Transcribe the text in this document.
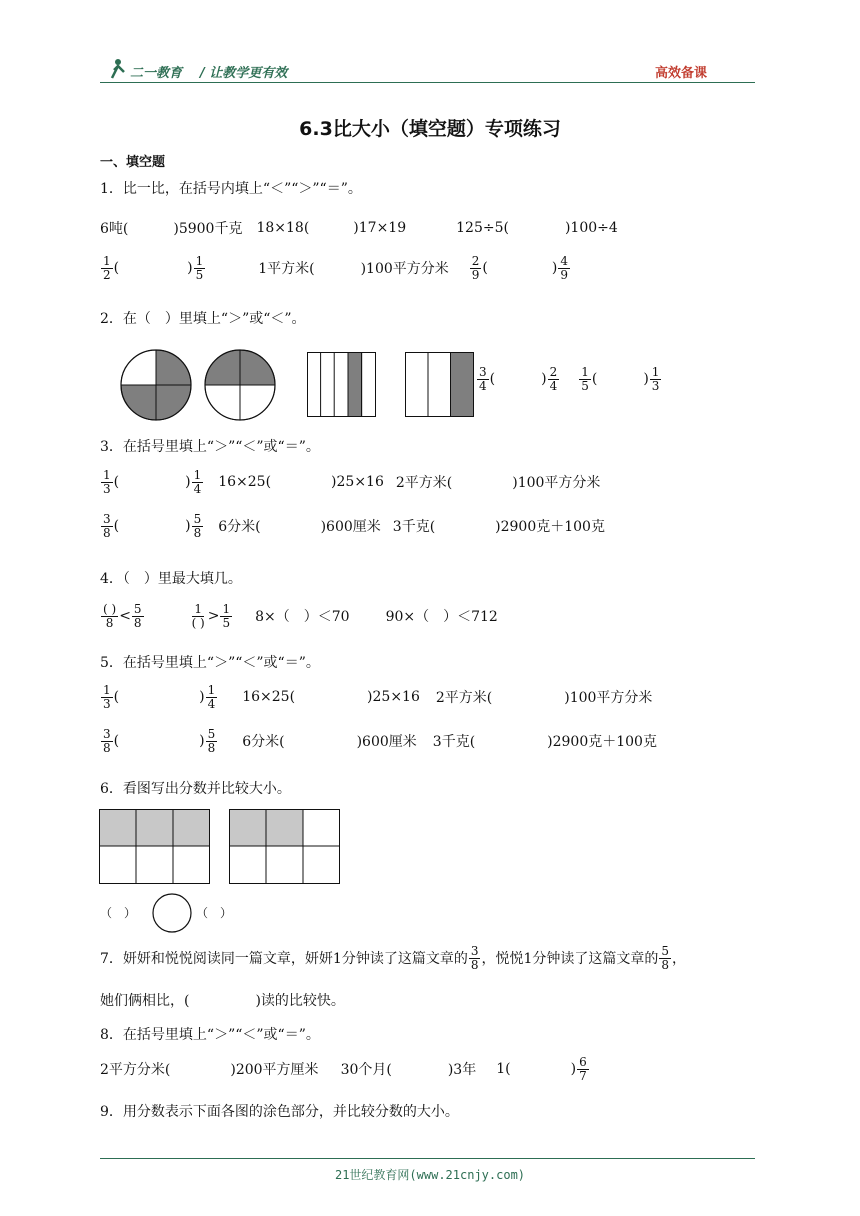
二一教育 / 让教学更有效	高效备课
6.3比大小（填空题）专项练习
一、填空题
1．比一比，在括号内填上“＜”“＞”“＝”。
6吨(	)5900千克 18×18(	)17×19	125÷5(	)100÷4
$\frac{1}{2}$ (	) $\frac{1}{5}$	1平方米(	)100平方分米 $\frac{2}{9}$ (	) $\frac{4}{9}$
2．在（　）里填上“＞”或“＜”。
$\frac{3}{4}$ (	) $\frac{2}{4} \frac{1}{5}$ (	) $\frac{1}{3}$
3．在括号里填上“＞”“＜”或“＝”。
$\frac{1}{3}$ (	) $\frac{1}{4} 16\times 25$(	)25×16 2平方米(	)100平方分米
$\frac{3}{8}$ (	) $\frac{5}{8} 6$分米(	)600厘米 3千克(	)2900克＋100克
4．（　）里最大填几。
$\frac{( )}{8} < \frac{5}{8}$	$\frac{1}{( )} > \frac{1}{5} 8\times$（　）＜70	90×（　）＜712
5．在括号里填上“＞”“＜”或“＝”。
$\frac{1}{3}$ (	) $\frac{1}{4} 16\times 25$(	)25×16 2平方米(	)100平方分米
$\frac{3}{8}$ (	) $\frac{5}{8} 6$分米(	)600厘米 3千克(	)2900克＋100克
6．看图写出分数并比较大小。
（　）	（　）
7．妍妍和悦悦阅读同一篇文章，妍妍1分钟读了这篇文章的 $\frac{3}{8}$ ，悦悦1分钟读了这篇文章的 $\frac{5}{8}$ ，
她们俩相比，(	)读的比较快。
8．在括号里填上“＞”“＜”或“＝”。
2平方分米(	)200平方厘米 30个月(	)3年 1(	) $\frac{6}{7}$
9．用分数表示下面各图的涂色部分，并比较分数的大小。
21世纪教育网(www.21cnjy.com)
